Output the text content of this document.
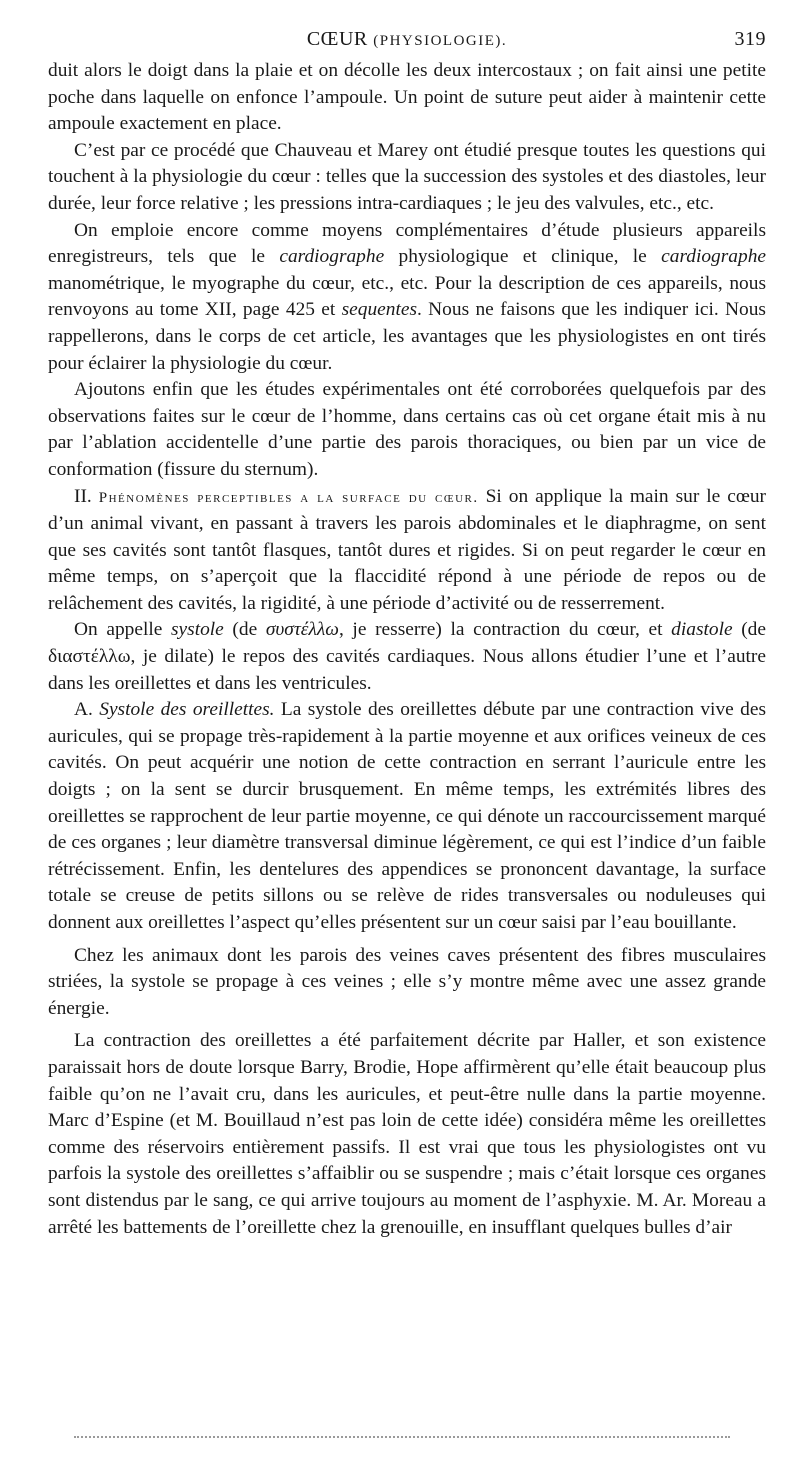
CŒUR (PHYSIOLOGIE).	319

duit alors le doigt dans la plaie et on décolle les deux intercostaux ; on fait ainsi une petite poche dans laquelle on enfonce l’ampoule. Un point de suture peut aider à maintenir cette ampoule exactement en place.

C’est par ce procédé que Chauveau et Marey ont étudié presque toutes les questions qui touchent à la physiologie du cœur : telles que la succession des systoles et des diastoles, leur durée, leur force relative ; les pressions intra-cardiaques ; le jeu des valvules, etc., etc.

On emploie encore comme moyens complémentaires d’étude plusieurs appareils enregistreurs, tels que le cardiographe physiologique et clinique, le cardiographe manométrique, le myographe du cœur, etc., etc. Pour la description de ces appareils, nous renvoyons au tome XII, page 425 et sequentes. Nous ne faisons que les indiquer ici. Nous rappellerons, dans le corps de cet article, les avantages que les physiologistes en ont tirés pour éclairer la physiologie du cœur.

Ajoutons enfin que les études expérimentales ont été corroborées quelquefois par des observations faites sur le cœur de l’homme, dans certains cas où cet organe était mis à nu par l’ablation accidentelle d’une partie des parois thoraciques, ou bien par un vice de conformation (fissure du sternum).

II. Phénomènes perceptibles a la surface du cœur. Si on applique la main sur le cœur d’un animal vivant, en passant à travers les parois abdominales et le diaphragme, on sent que ses cavités sont tantôt flasques, tantôt dures et rigides. Si on peut regarder le cœur en même temps, on s’aperçoit que la flaccidité répond à une période de repos ou de relâchement des cavités, la rigidité, à une période d’activité ou de resserrement.

On appelle systole (de συστέλλω, je resserre) la contraction du cœur, et diastole (de διαστέλλω, je dilate) le repos des cavités cardiaques. Nous allons étudier l’une et l’autre dans les oreillettes et dans les ventricules.

A. Systole des oreillettes. La systole des oreillettes débute par une contraction vive des auricules, qui se propage très-rapidement à la partie moyenne et aux orifices veineux de ces cavités. On peut acquérir une notion de cette contraction en serrant l’auricule entre les doigts ; on la sent se durcir brusquement. En même temps, les extrémités libres des oreillettes se rapprochent de leur partie moyenne, ce qui dénote un raccourcissement marqué de ces organes ; leur diamètre transversal diminue légèrement, ce qui est l’indice d’un faible rétrécissement. Enfin, les dentelures des appendices se prononcent davantage, la surface totale se creuse de petits sillons ou se relève de rides transversales ou noduleuses qui donnent aux oreillettes l’aspect qu’elles présentent sur un cœur saisi par l’eau bouillante.

Chez les animaux dont les parois des veines caves présentent des fibres musculaires striées, la systole se propage à ces veines ; elle s’y montre même avec une assez grande énergie.

La contraction des oreillettes a été parfaitement décrite par Haller, et son existence paraissait hors de doute lorsque Barry, Brodie, Hope affirmèrent qu’elle était beaucoup plus faible qu’on ne l’avait cru, dans les auricules, et peut-être nulle dans la partie moyenne. Marc d’Espine (et M. Bouillaud n’est pas loin de cette idée) considéra même les oreillettes comme des réservoirs entièrement passifs. Il est vrai que tous les physiologistes ont vu parfois la systole des oreillettes s’affaiblir ou se suspendre ; mais c’était lorsque ces organes sont distendus par le sang, ce qui arrive toujours au moment de l’asphyxie. M. Ar. Moreau a arrêté les battements de l’oreillette chez la grenouille, en insufflant quelques bulles d’air
